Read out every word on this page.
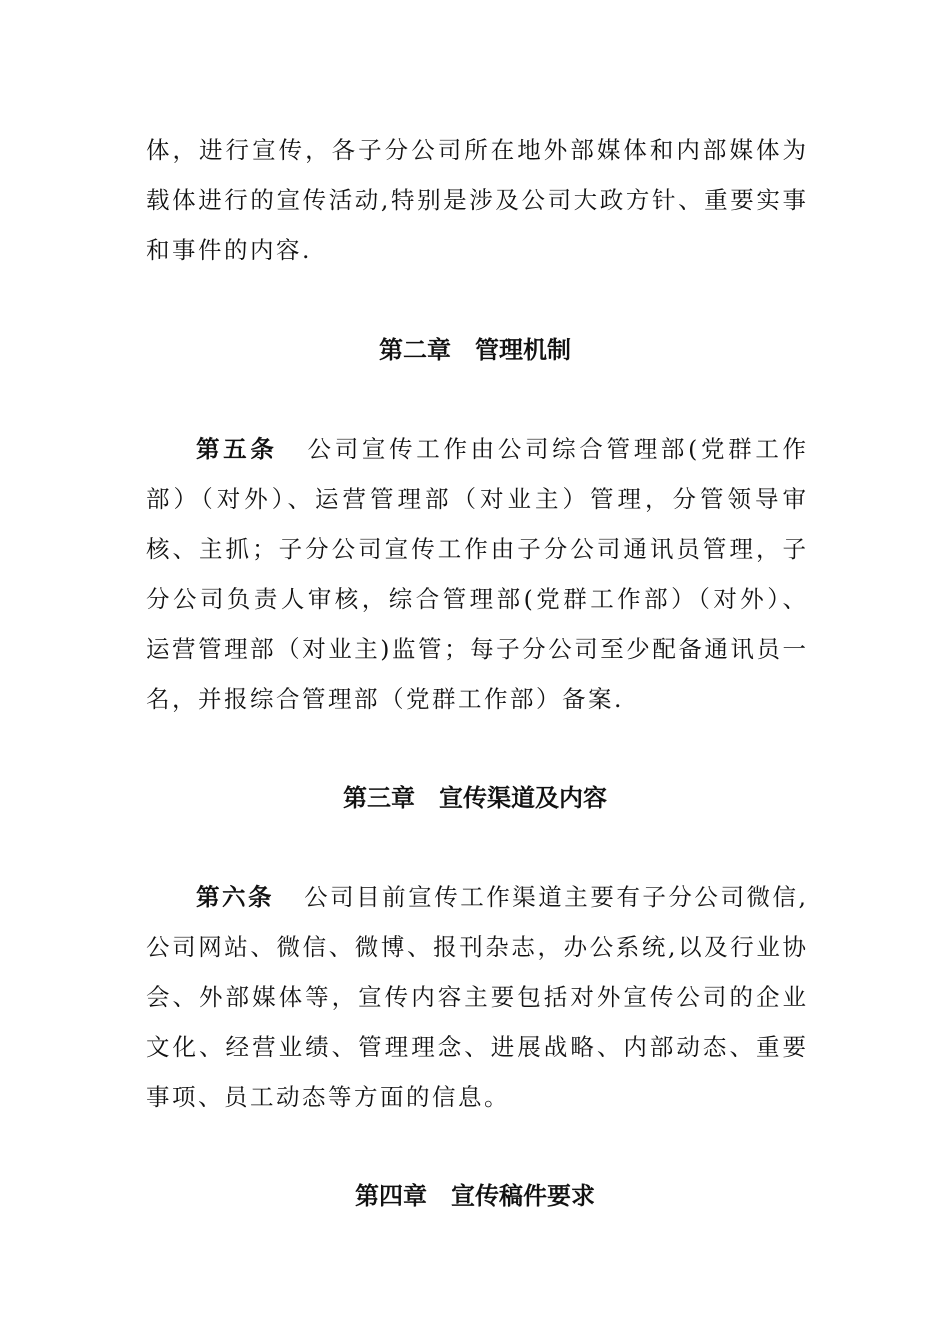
体，进行宣传，各子分公司所在地外部媒体和内部媒体为
载体进行的宣传活动,特别是涉及公司大政方针、重要实事
和事件的内容.
第二章 管理机制
第五条 公司宣传工作由公司综合管理部(党群工作
部）（对外）、运营管理部（对业主）管理，分管领导审
核、主抓；子分公司宣传工作由子分公司通讯员管理，子
分公司负责人审核，综合管理部(党群工作部）（对外）、
运营管理部（对业主)监管；每子分公司至少配备通讯员一
名，并报综合管理部（党群工作部）备案.
第三章 宣传渠道及内容
第六条 公司目前宣传工作渠道主要有子分公司微信,
公司网站、微信、微博、报刊杂志，办公系统,以及行业协
会、外部媒体等，宣传内容主要包括对外宣传公司的企业
文化、经营业绩、管理理念、进展战略、内部动态、重要
事项、员工动态等方面的信息。
第四章 宣传稿件要求
